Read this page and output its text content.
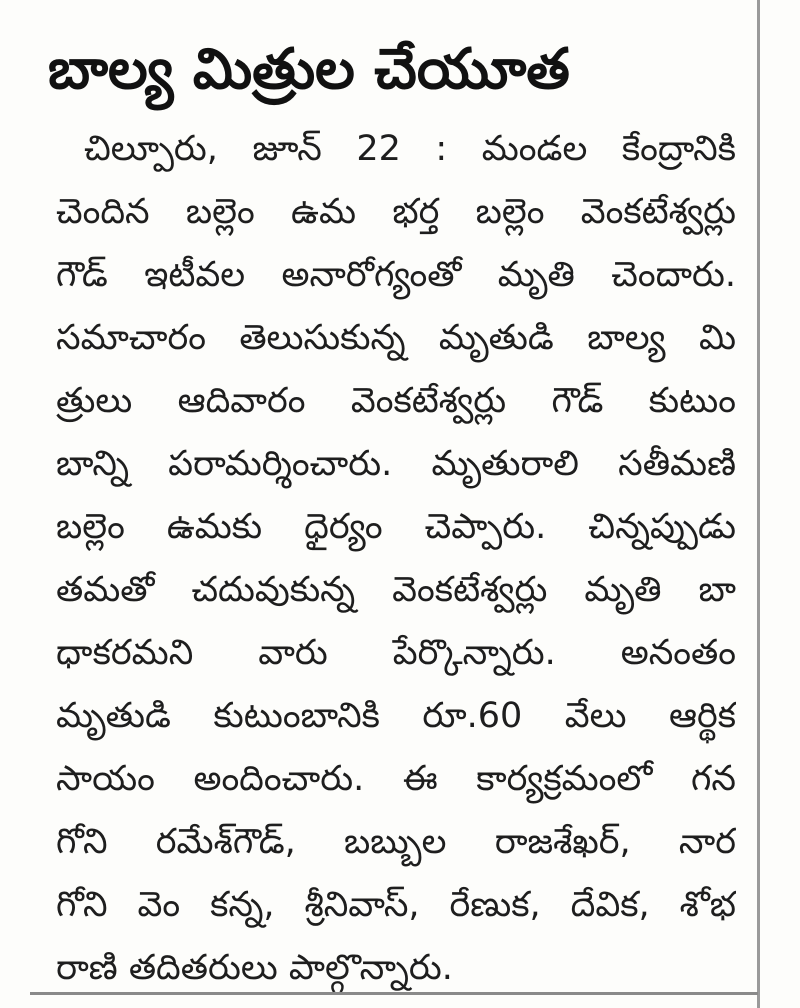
బాల్య మిత్రుల చేయూత
చిల్పూరు, జూన్ 22 : మండల కేంద్రానికి
చెందిన బల్లెం ఉమ భర్త బల్లెం వెంకటేశ్వర్లు
గౌడ్ ఇటీవల అనారోగ్యంతో మృతి చెందారు.
సమాచారం తెలుసుకున్న మృతుడి బాల్య మి
త్రులు ఆదివారం వెంకటేశ్వర్లు గౌడ్ కుటుం
బాన్ని పరామర్శించారు. మృతురాలి సతీమణి
బల్లెం ఉమకు ధైర్యం చెప్పారు. చిన్నప్పుడు
తమతో చదువుకున్న వెంకటేశ్వర్లు మృతి బా
ధాకరమని వారు పేర్కొన్నారు. అనంతం
మృతుడి కుటుంబానికి రూ.60 వేలు ఆర్థిక
సాయం అందించారు. ఈ కార్యక్రమంలో గన
గోని రమేశ్‌గౌడ్, బబ్బుల రాజశేఖర్, నార
గోని వెం కన్న, శ్రీనివాస్, రేణుక, దేవిక, శోభ
రాణి తదితరులు పాల్గొన్నారు.
